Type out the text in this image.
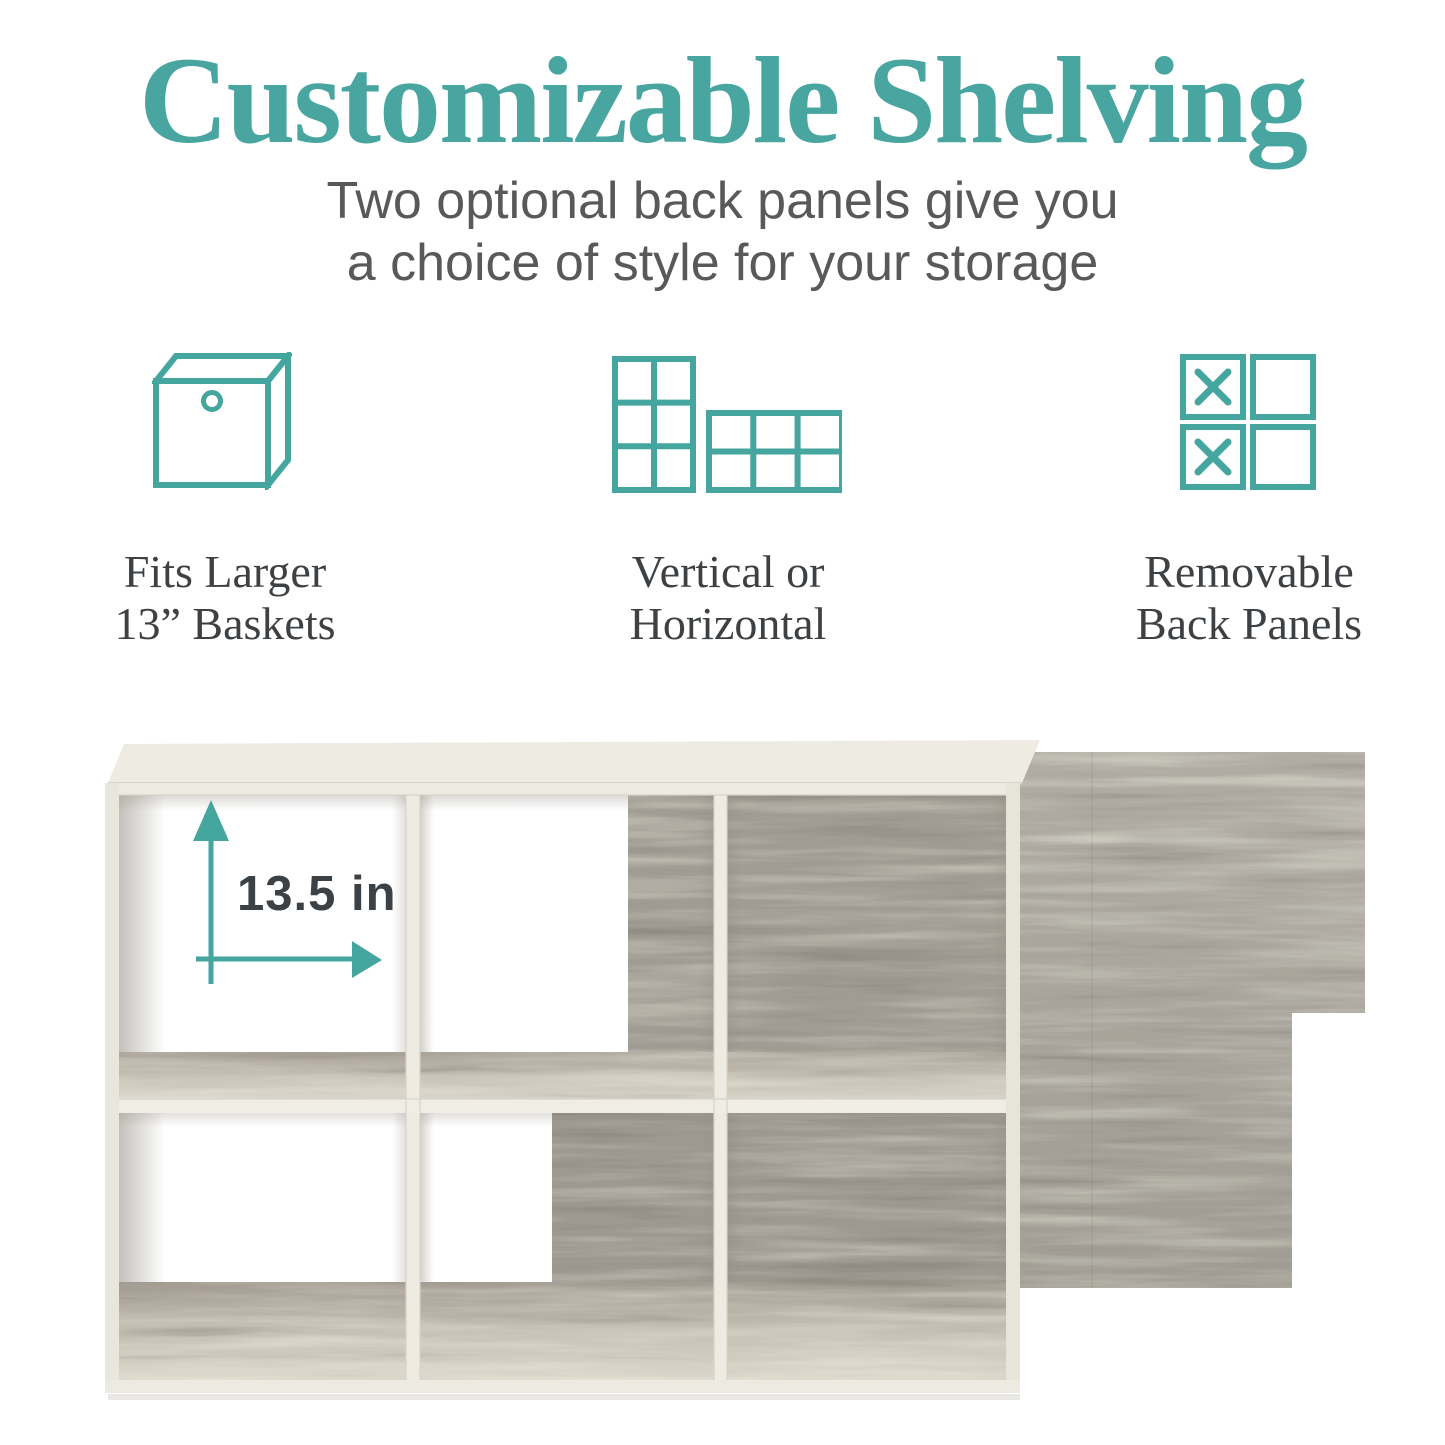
Customizable Shelving
Two optional back panels give you
a choice of style for your storage
Fits Larger
13” Baskets
Vertical or
Horizontal
Removable
Back Panels
13.5 in
